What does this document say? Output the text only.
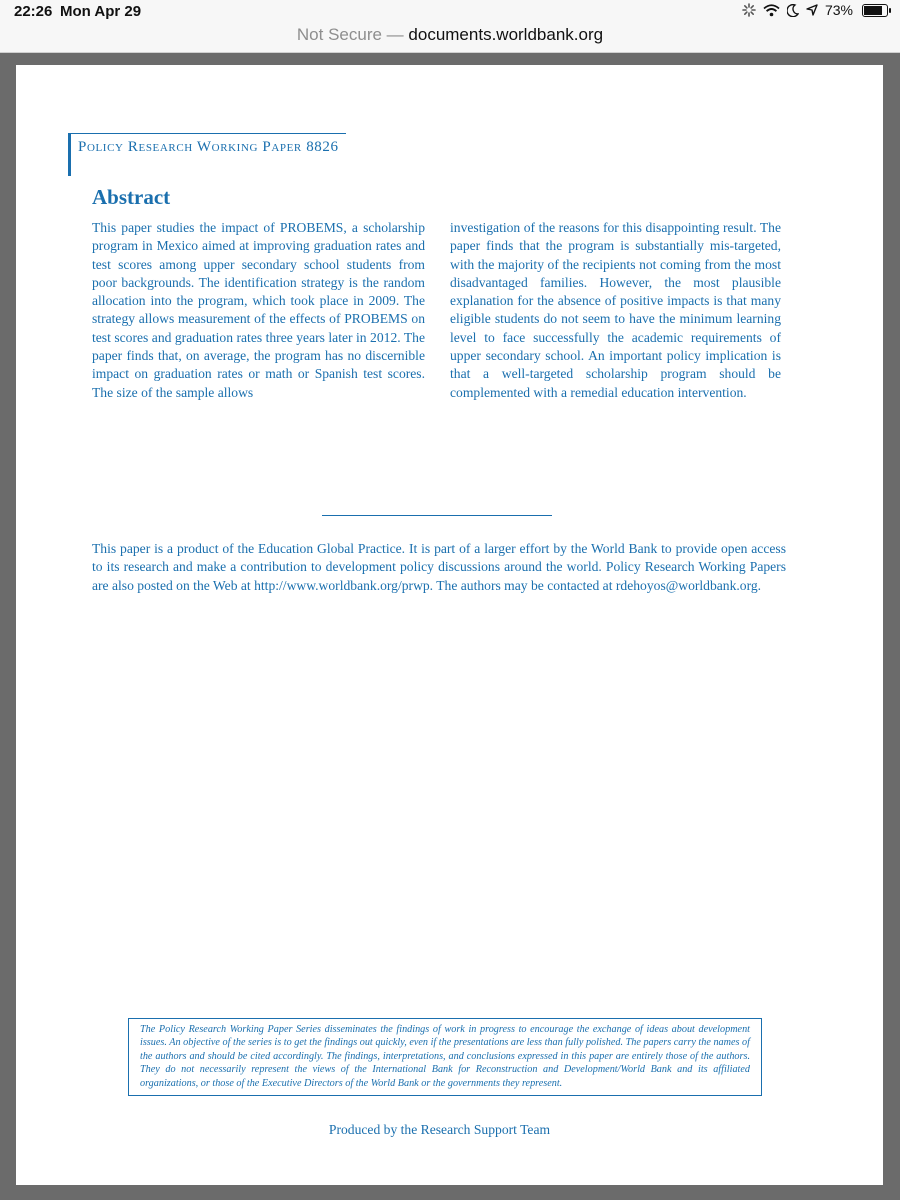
22:26 Mon Apr 29	73%
Not Secure — documents.worldbank.org
Policy Research Working Paper 8826
Abstract
This paper studies the impact of PROBEMS, a scholarship program in Mexico aimed at improving graduation rates and test scores among upper secondary school students from poor backgrounds. The identification strategy is the random allocation into the program, which took place in 2009. The strategy allows measurement of the effects of PROBEMS on test scores and graduation rates three years later in 2012. The paper finds that, on average, the program has no discernible impact on graduation rates or math or Spanish test scores. The size of the sample allows
investigation of the reasons for this disappointing result. The paper finds that the program is substantially mis-targeted, with the majority of the recipients not coming from the most disadvantaged families. However, the most plausible explanation for the absence of positive impacts is that many eligible students do not seem to have the minimum learning level to face successfully the academic requirements of upper secondary school. An important policy implication is that a well-targeted scholarship program should be complemented with a remedial education intervention.
This paper is a product of the Education Global Practice. It is part of a larger effort by the World Bank to provide open access to its research and make a contribution to development policy discussions around the world. Policy Research Working Papers are also posted on the Web at http://www.worldbank.org/prwp. The authors may be contacted at rdehoyos@worldbank.org.
The Policy Research Working Paper Series disseminates the findings of work in progress to encourage the exchange of ideas about development issues. An objective of the series is to get the findings out quickly, even if the presentations are less than fully polished. The papers carry the names of the authors and should be cited accordingly. The findings, interpretations, and conclusions expressed in this paper are entirely those of the authors. They do not necessarily represent the views of the International Bank for Reconstruction and Development/World Bank and its affiliated organizations, or those of the Executive Directors of the World Bank or the governments they represent.
Produced by the Research Support Team
